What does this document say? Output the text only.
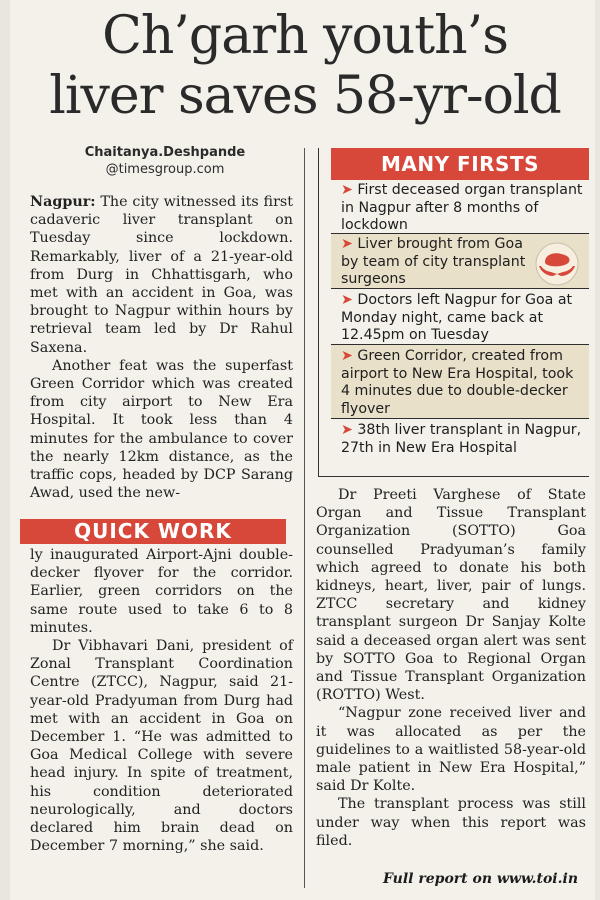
Ch’garh youth’s
liver saves 58-yr-old
Chaitanya.Deshpande
@timesgroup.com

Nagpur: The city witnessed its first cadaveric liver transplant on Tuesday since lockdown. Remarkably, liver of a 21-year-old from Durg in Chhattisgarh, who met with an accident in Goa, was brought to Nagpur within hours by retrieval team led by Dr Rahul Saxena.

Another feat was the superfast Green Corridor which was created from city airport to New Era Hospital. It took less than 4 minutes for the ambulance to cover the nearly 12km distance, as the traffic cops, headed by DCP Sarang Awad, used the new-

QUICK WORK

ly inaugurated Airport-Ajni double-decker flyover for the corridor. Earlier, green corridors on the same route used to take 6 to 8 minutes.

Dr Vibhavari Dani, president of Zonal Transplant Coordination Centre (ZTCC), Nagpur, said 21-year-old Pradyuman from Durg had met with an accident in Goa on December 1. “He was admitted to Goa Medical College with severe head injury. In spite of treatment, his condition deteriorated neurologically, and doctors declared him brain dead on December 7 morning,” she said.

MANY FIRSTS
➤ First deceased organ transplant in Nagpur after 8 months of lockdown
➤ Liver brought from Goa by team of city transplant surgeons
➤ Doctors left Nagpur for Goa at Monday night, came back at 12.45pm on Tuesday
➤ Green Corridor, created from airport to New Era Hospital, took 4 minutes due to double-decker flyover
➤ 38th liver transplant in Nagpur, 27th in New Era Hospital

Dr Preeti Varghese of State Organ and Tissue Transplant Organization (SOTTO) Goa counselled Pradyuman’s family which agreed to donate his both kidneys, heart, liver, pair of lungs. ZTCC secretary and kidney transplant surgeon Dr Sanjay Kolte said a deceased organ alert was sent by SOTTO Goa to Regional Organ and Tissue Transplant Organization (ROTTO) West.

“Nagpur zone received liver and it was allocated as per the guidelines to a waitlisted 58-year-old male patient in New Era Hospital,” said Dr Kolte.

The transplant process was still under way when this report was filed.

Full report on www.toi.in
